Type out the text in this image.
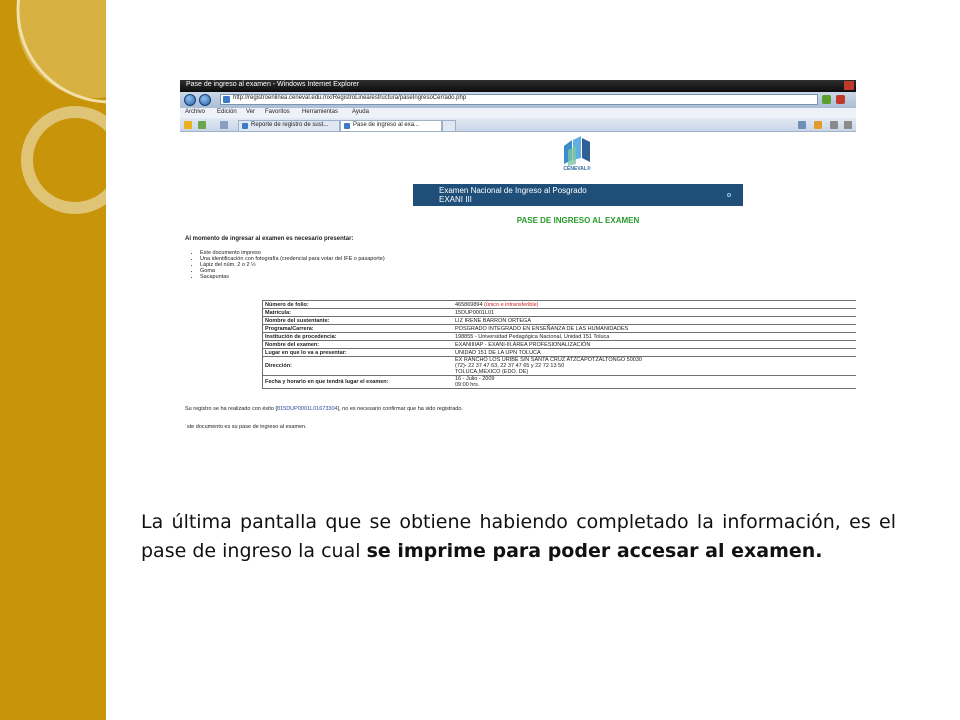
Pase de ingreso al examen - Windows Internet Explorer
http://registroenlinea.ceneval.edu.mx/RegistroLinea/estructura/paseIngresoCerrado.php
Archivo Edición Ver Favoritos Herramientas Ayuda
Reporte de registro de sust...	Pase de ingreso al exa...
CENEVAL®
Examen Nacional de Ingreso al Posgrado
EXANI III
PASE DE INGRESO AL EXAMEN
Al momento de ingresar al examen es necesario presentar:
• Este documento impreso
• Una identificación con fotografía (credencial para votar del IFE o pasaporte)
• Lápiz del núm. 2 o 2 ½
• Goma
• Sacapuntas
Número de folio:	465869894 (único e intransferible)
Matrícula:	15DUP0001L01
Nombre del sustentante:	LIZ IRENE BARRON ORTEGA
Programa/Carrera:	POSGRADO INTEGRADO EN ENSEÑANZA DE LAS HUMANIDADES
Institución de procedencia:	198855 - Universidad Pedagógica Nacional, Unidad 151 Toluca
Nombre del examen:	EXANIIIIAP - EXANI-III.ÁREA PROFESIONALIZACIÓN
Lugar en que lo va a presentar:	UNIDAD 151 DE LA UPN TOLUCA
Dirección:	EX RANCHO LOS URIBE S/N SANTA CRUZ ATZCAPOTZALTONGO 50030
(72)- 22 37 47 63, 22 37 47 65 y 22 72 13 50
TOLUCA,MEXICO (EDO. DE)

Fecha y horario en que tendrá lugar el examen:	16 - Julio - 2009
09:00 hrs.
Su registro se ha realizado con éxito [815DUP0001L01673304], no es necesario confirmar que ha sido registrado.
ˈste documento es su pase de ingreso al examen.
La última pantalla que se obtiene habiendo completado la información, es el pase de ingreso la cual se imprime para poder accesar al examen.
